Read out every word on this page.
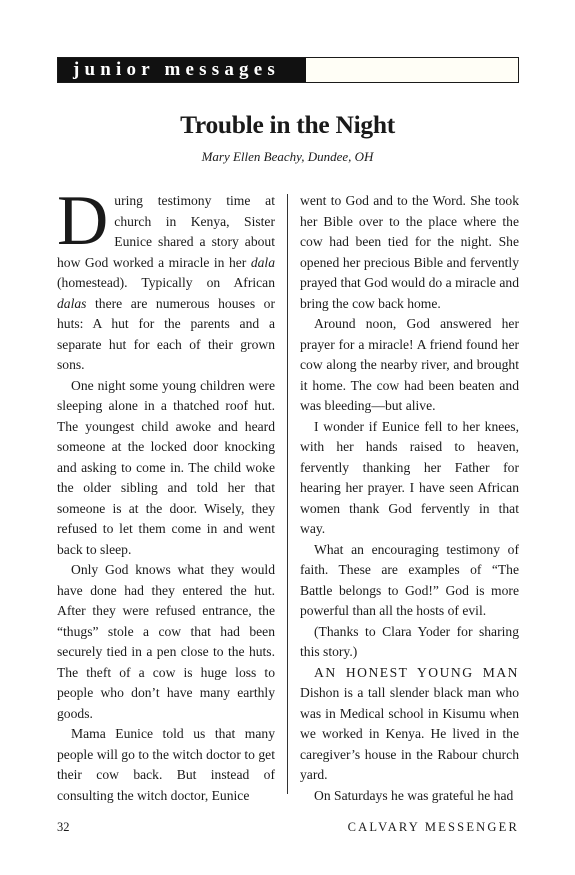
junior messages
Trouble in the Night
Mary Ellen Beachy, Dundee, OH

During testimony time at church in Kenya, Sister Eunice shared a story about how God worked a miracle in her dala (homestead). Typically on African dalas there are numerous houses or huts: A hut for the parents and a separate hut for each of their grown sons.

One night some young children were sleeping alone in a thatched roof hut. The youngest child awoke and heard someone at the locked door knocking and asking to come in. The child woke the older sibling and told her that someone is at the door. Wisely, they refused to let them come in and went back to sleep.

Only God knows what they would have done had they entered the hut. After they were refused entrance, the “thugs” stole a cow that had been securely tied in a pen close to the huts. The theft of a cow is huge loss to people who don’t have many earthly goods.

Mama Eunice told us that many people will go to the witch doctor to get their cow back. But instead of consulting the witch doctor, Eunice

went to God and to the Word. She took her Bible over to the place where the cow had been tied for the night. She opened her precious Bible and fervently prayed that God would do a miracle and bring the cow back home.

Around noon, God answered her prayer for a miracle! A friend found her cow along the nearby river, and brought it home. The cow had been beaten and was bleeding—but alive.

I wonder if Eunice fell to her knees, with her hands raised to heaven, fervently thanking her Father for hearing her prayer. I have seen African women thank God fervently in that way.

What an encouraging testimony of faith. These are examples of “The Battle belongs to God!” God is more powerful than all the hosts of evil.

(Thanks to Clara Yoder for sharing this story.)

AN HONEST YOUNG MAN Dishon is a tall slender black man who was in Medical school in Kisumu when we worked in Kenya. He lived in the caregiver’s house in the Rabour church yard.

On Saturdays he was grateful he had

32	CALVARY MESSENGER
